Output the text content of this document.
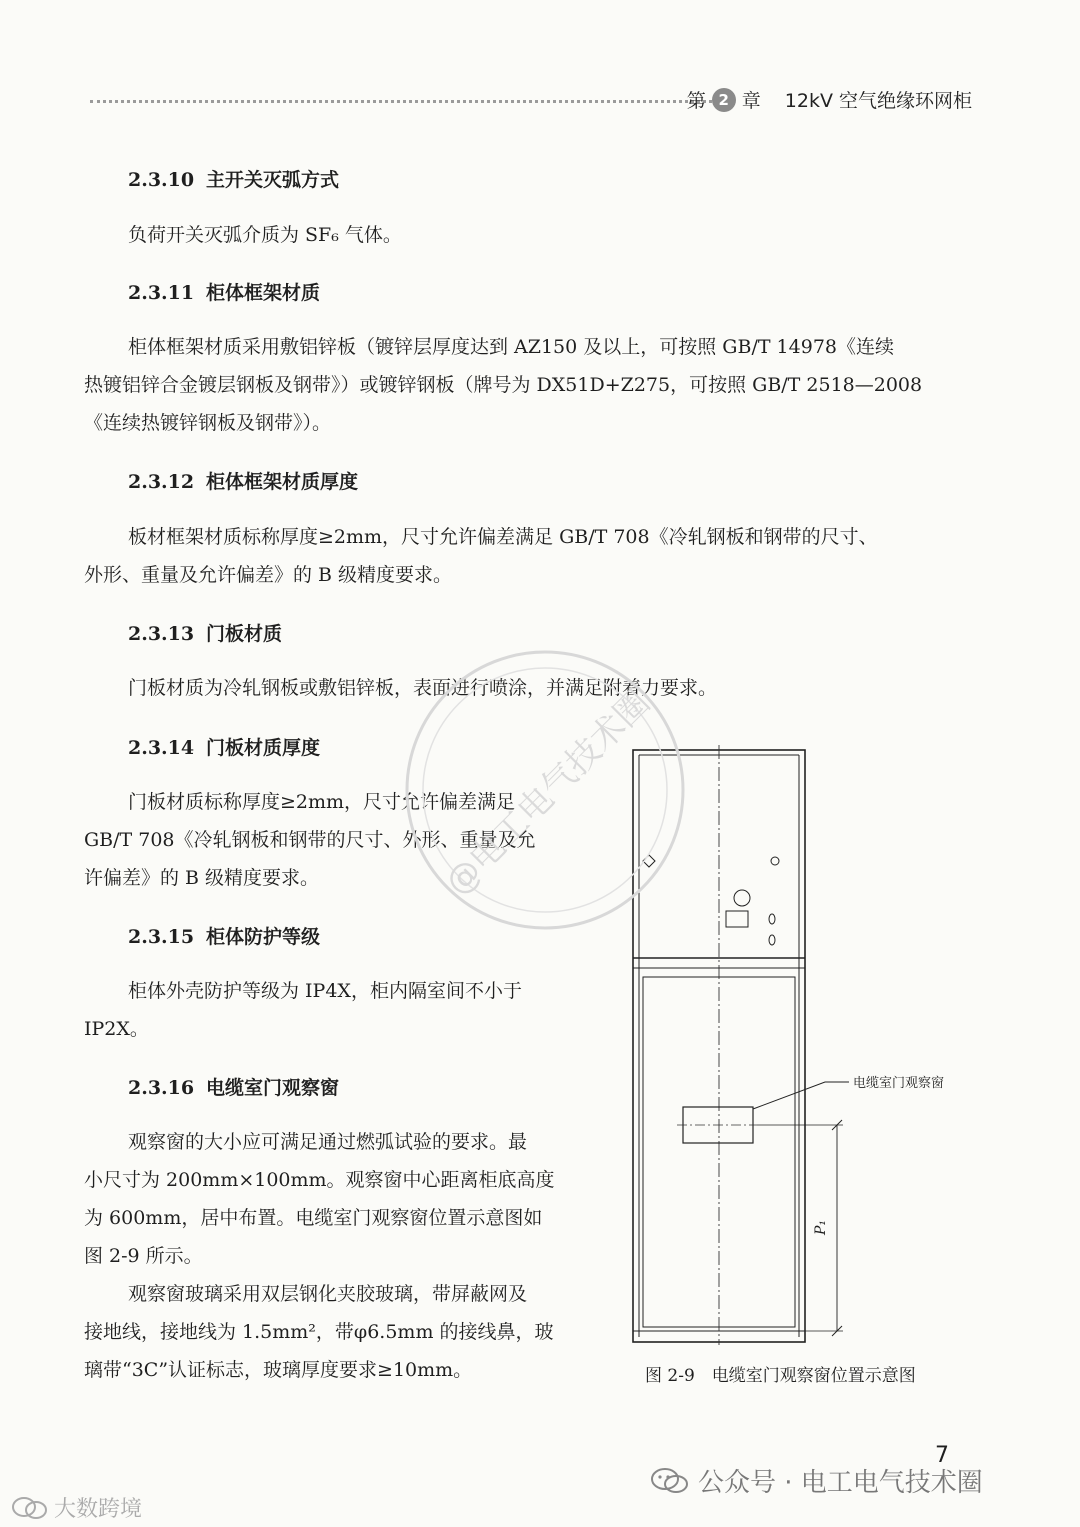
第 2 章 12kV 空气绝缘环网柜
2.3.10 主开关灭弧方式
负荷开关灭弧介质为 SF₆ 气体。
2.3.11 柜体框架材质
柜体框架材质采用敷铝锌板（镀锌层厚度达到 AZ150 及以上，可按照 GB/T 14978《连续
热镀铝锌合金镀层钢板及钢带》）或镀锌钢板（牌号为 DX51D+Z275，可按照 GB/T 2518—2008
《连续热镀锌钢板及钢带》）。
2.3.12 柜体框架材质厚度
板材框架材质标称厚度≥2mm，尺寸允许偏差满足 GB/T 708《冷轧钢板和钢带的尺寸、
外形、重量及允许偏差》的 B 级精度要求。
2.3.13 门板材质
门板材质为冷轧钢板或敷铝锌板，表面进行喷涂，并满足附着力要求。
2.3.14 门板材质厚度
门板材质标称厚度≥2mm，尺寸允许偏差满足
GB/T 708《冷轧钢板和钢带的尺寸、外形、重量及允
许偏差》的 B 级精度要求。
2.3.15 柜体防护等级
柜体外壳防护等级为 IP4X，柜内隔室间不小于
IP2X。
2.3.16 电缆室门观察窗
观察窗的大小应可满足通过燃弧试验的要求。最
小尺寸为 200mm×100mm。观察窗中心距离柜底高度
为 600mm，居中布置。电缆室门观察窗位置示意图如
图 2-9 所示。
观察窗玻璃采用双层钢化夹胶玻璃，带屏蔽网及
接地线，接地线为 1.5mm²，带φ6.5mm 的接线鼻，玻
璃带“3C”认证标志，玻璃厚度要求≥10mm。
电缆室门观察窗
P₁
图 2-9　电缆室门观察窗位置示意图
@电工电气技术圈
7
公众号 · 电工电气技术圈
大数跨境
